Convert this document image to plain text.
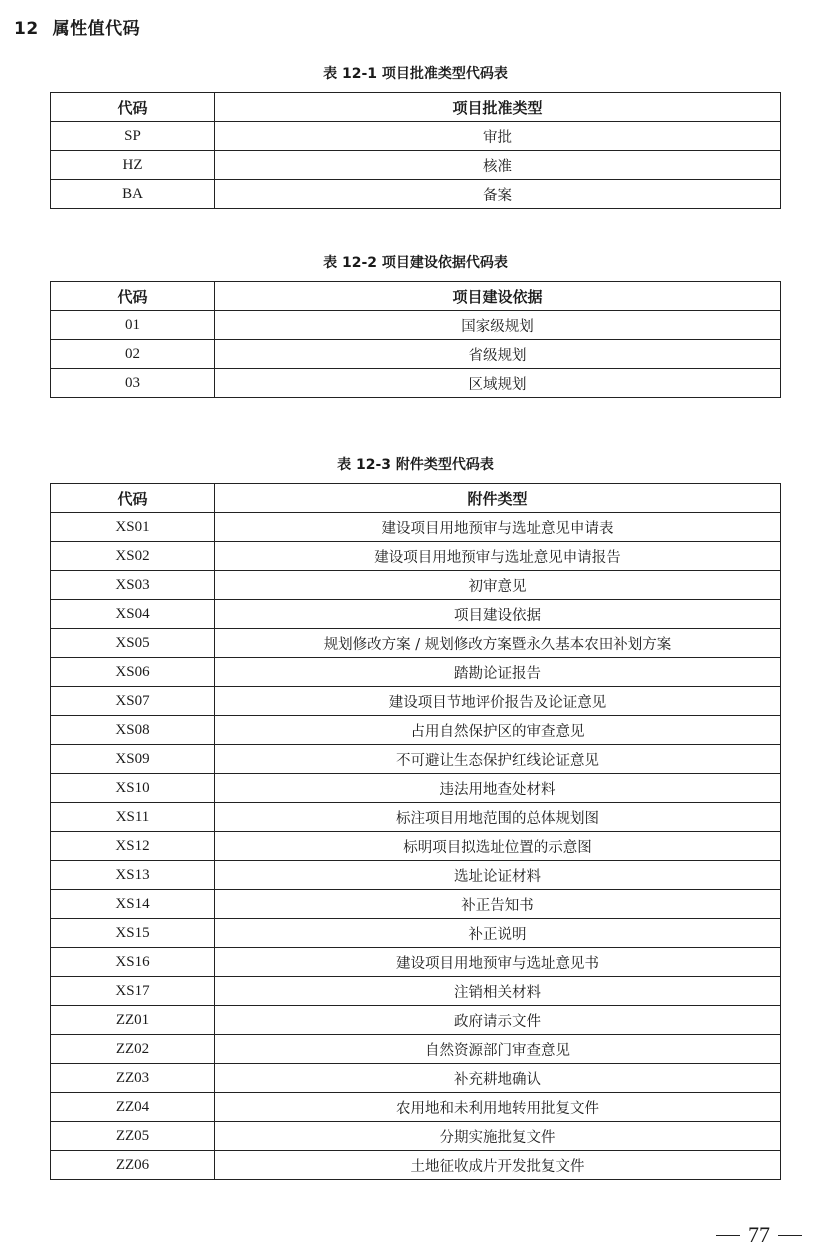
12 属性值代码
表 12-1 项目批准类型代码表
代码	项目批准类型
SP	审批
HZ	核准
BA	备案
表 12-2 项目建设依据代码表
代码	项目建设依据
01	国家级规划
02	省级规划
03	区域规划
表 12-3 附件类型代码表
代码	附件类型
XS01	建设项目用地预审与选址意见申请表
XS02	建设项目用地预审与选址意见申请报告
XS03	初审意见
XS04	项目建设依据
XS05	规划修改方案 / 规划修改方案暨永久基本农田补划方案
XS06	踏勘论证报告
XS07	建设项目节地评价报告及论证意见
XS08	占用自然保护区的审查意见
XS09	不可避让生态保护红线论证意见
XS10	违法用地查处材料
XS11	标注项目用地范围的总体规划图
XS12	标明项目拟选址位置的示意图
XS13	选址论证材料
XS14	补正告知书
XS15	补正说明
XS16	建设项目用地预审与选址意见书
XS17	注销相关材料
ZZ01	政府请示文件
ZZ02	自然资源部门审查意见
ZZ03	补充耕地确认
ZZ04	农用地和未利用地转用批复文件
ZZ05	分期实施批复文件
ZZ06	土地征收成片开发批复文件
77
